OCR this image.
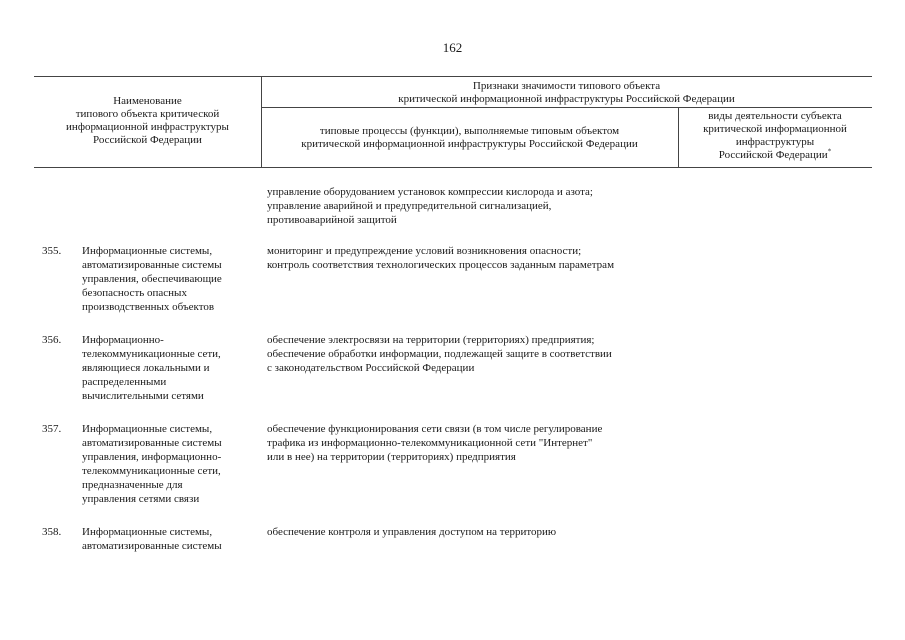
162
Наименование
типового объекта критической
информационной инфраструктуры
Российской Федерации
Признаки значимости типового объекта
критической информационной инфраструктуры Российской Федерации
типовые процессы (функции), выполняемые типовым объектом
критической информационной инфраструктуры Российской Федерации
виды деятельности субъекта
критической информационной
инфраструктуры
Российской Федерации*
управление оборудованием установок компрессии кислорода и азота;
управление аварийной и предупредительной сигнализацией,
противоаварийной защитой
355. Информационные системы,
автоматизированные системы
управления, обеспечивающие
безопасность опасных
производственных объектов
мониторинг и предупреждение условий возникновения опасности;
контроль соответствия технологических процессов заданным параметрам
356. Информационно-
телекоммуникационные сети,
являющиеся локальными и
распределенными
вычислительными сетями
обеспечение электросвязи на территории (территориях) предприятия;
обеспечение обработки информации, подлежащей защите в соответствии
с законодательством Российской Федерации
357. Информационные системы,
автоматизированные системы
управления, информационно-
телекоммуникационные сети,
предназначенные для
управления сетями связи
обеспечение функционирования сети связи (в том числе регулирование
трафика из информационно-телекоммуникационной сети "Интернет"
или в нее) на территории (территориях) предприятия
358. Информационные системы,
автоматизированные системы
обеспечение контроля и управления доступом на территорию
